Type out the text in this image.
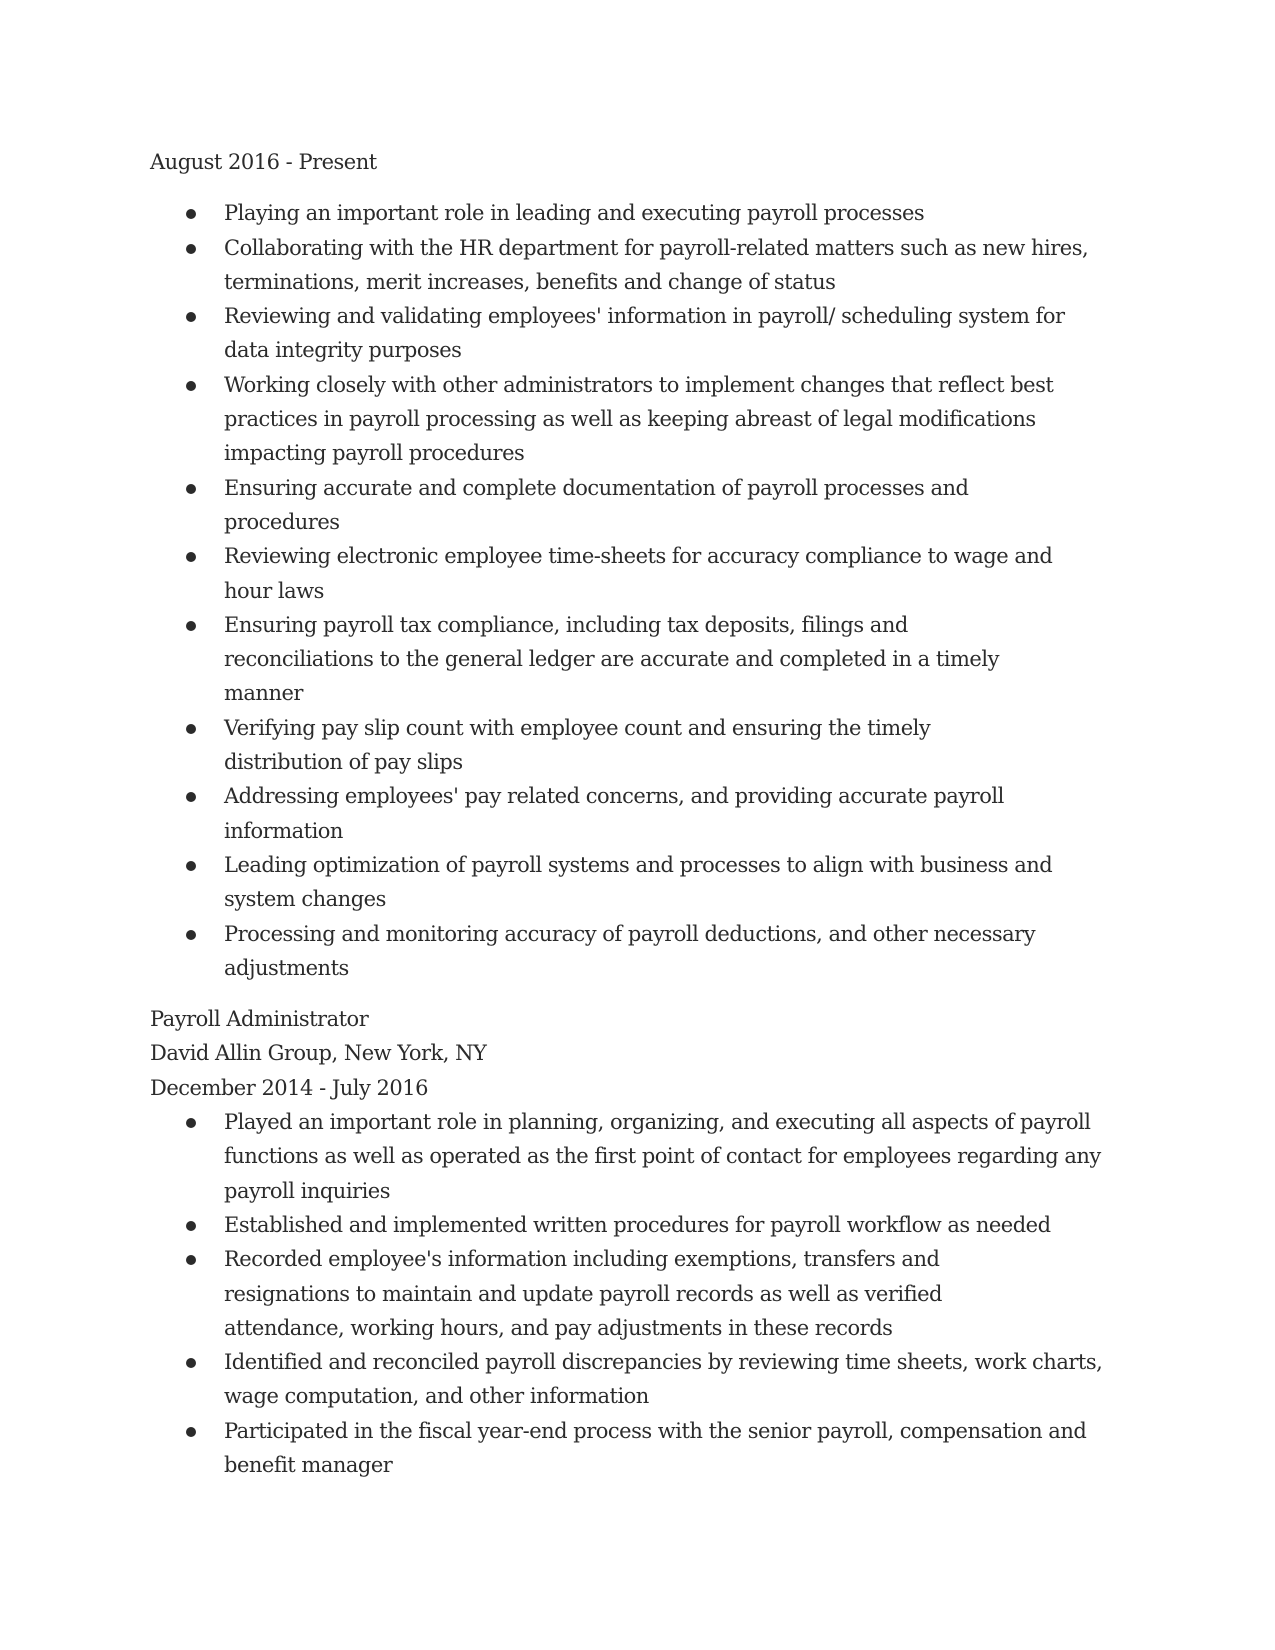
August 2016 - Present
Playing an important role in leading and executing payroll processes
Collaborating with the HR department for payroll-related matters such as new hires, terminations, merit increases, benefits and change of status
Reviewing and validating employees' information in payroll/ scheduling system for data integrity purposes
Working closely with other administrators to implement changes that reflect best practices in payroll processing as well as keeping abreast of legal modifications impacting payroll procedures
Ensuring accurate and complete documentation of payroll processes and procedures
Reviewing electronic employee time-sheets for accuracy compliance to wage and hour laws
Ensuring payroll tax compliance, including tax deposits, filings and reconciliations to the general ledger are accurate and completed in a timely manner
Verifying pay slip count with employee count and ensuring the timely distribution of pay slips
Addressing employees' pay related concerns, and providing accurate payroll information
Leading optimization of payroll systems and processes to align with business and system changes
Processing and monitoring accuracy of payroll deductions, and other necessary adjustments
Payroll Administrator
David Allin Group, New York, NY
December 2014 - July 2016
Played an important role in planning, organizing, and executing all aspects of payroll functions as well as operated as the first point of contact for employees regarding any payroll inquiries
Established and implemented written procedures for payroll workflow as needed
Recorded employee's information including exemptions, transfers and resignations to maintain and update payroll records as well as verified attendance, working hours, and pay adjustments in these records
Identified and reconciled payroll discrepancies by reviewing time sheets, work charts, wage computation, and other information
Participated in the fiscal year-end process with the senior payroll, compensation and benefit manager
